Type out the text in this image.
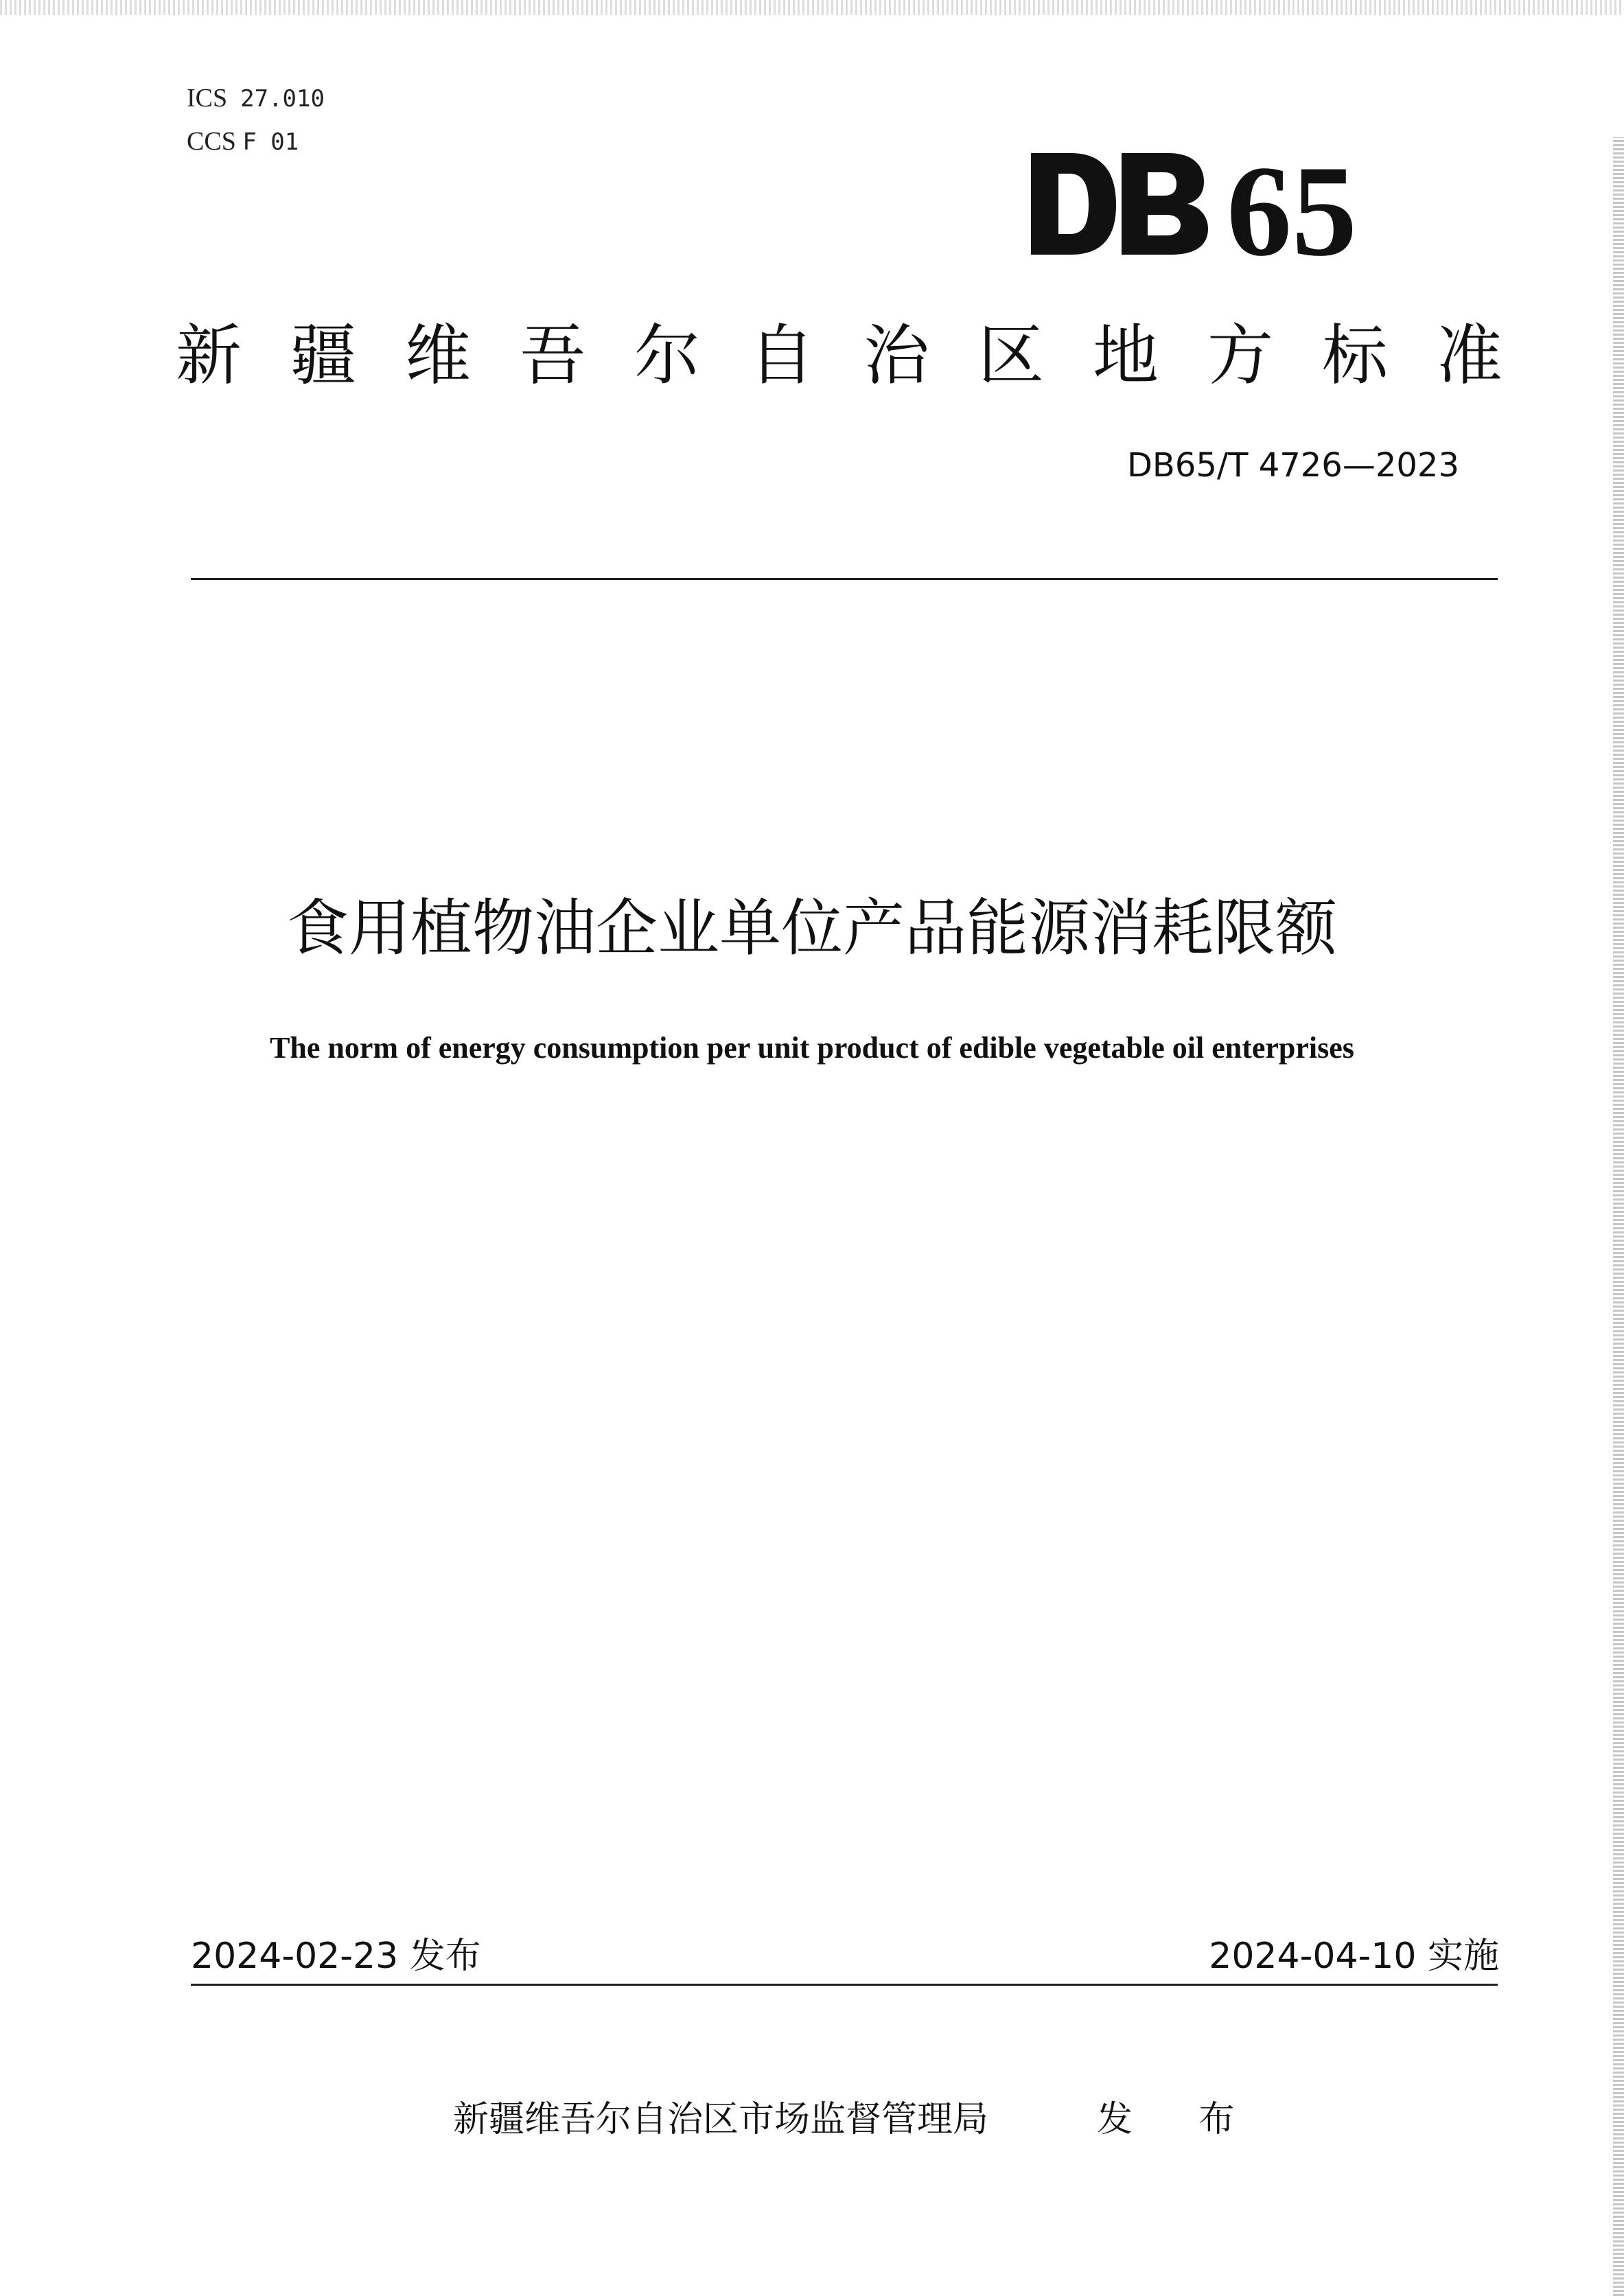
ICS 27.010
CCS F 01	65
新疆维吾尔自治区地方标准
DB65/T 4726—2023
食用植物油企业单位产品能源消耗限额
The norm of energy consumption per unit product of edible vegetable oil enterprises
2024-02-23 发布	2024-04-10 实施
新疆维吾尔自治区市场监督管理局	发 布
